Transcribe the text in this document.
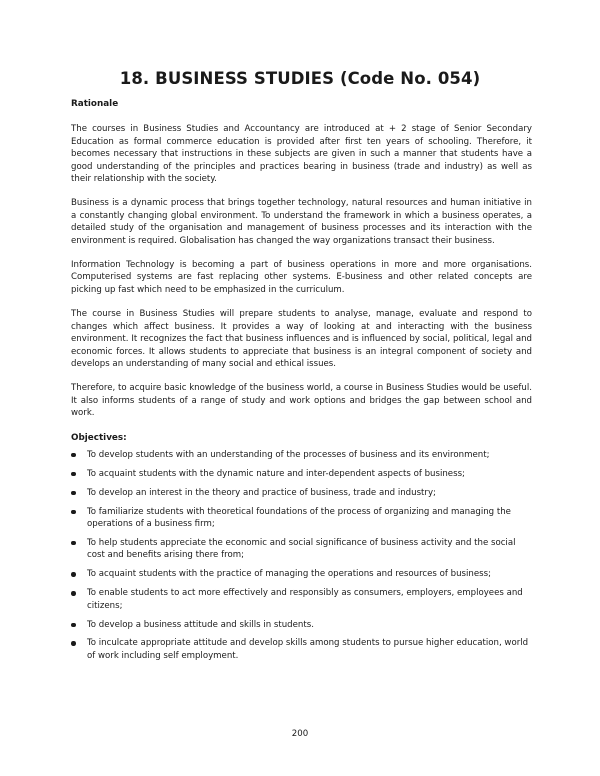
18. BUSINESS STUDIES (Code No. 054)
Rationale

The courses in Business Studies and Accountancy are introduced at + 2 stage of Senior Secondary Education as formal commerce education is provided after first ten years of schooling. Therefore, it becomes necessary that instructions in these subjects are given in such a manner that students have a good understanding of the principles and practices bearing in business (trade and industry) as well as their relationship with the society.

Business is a dynamic process that brings together technology, natural resources and human initiative in a constantly changing global environment. To understand the framework in which a business operates, a detailed study of the organisation and management of business processes and its interaction with the environment is required. Globalisation has changed the way organizations transact their business.

Information Technology is becoming a part of business operations in more and more organisations. Computerised systems are fast replacing other systems. E-business and other related concepts are picking up fast which need to be emphasized in the curriculum.

The course in Business Studies will prepare students to analyse, manage, evaluate and respond to changes which affect business. It provides a way of looking at and interacting with the business environment. It recognizes the fact that business influences and is influenced by social, political, legal and economic forces. It allows students to appreciate that business is an integral component of society and develops an understanding of many social and ethical issues.

Therefore, to acquire basic knowledge of the business world, a course in Business Studies would be useful. It also informs students of a range of study and work options and bridges the gap between school and work.

Objectives:
To develop students with an understanding of the processes of business and its environment;
To acquaint students with the dynamic nature and inter-dependent aspects of business;
To develop an interest in the theory and practice of business, trade and industry;
To familiarize students with theoretical foundations of the process of organizing and managing the operations of a business firm;
To help students appreciate the economic and social significance of business activity and the social cost and benefits arising there from;
To acquaint students with the practice of managing the operations and resources of business;
To enable students to act more effectively and responsibly as consumers, employers, employees and citizens;
To develop a business attitude and skills in students.
To inculcate appropriate attitude and develop skills among students to pursue higher education, world of work including self employment.
200
